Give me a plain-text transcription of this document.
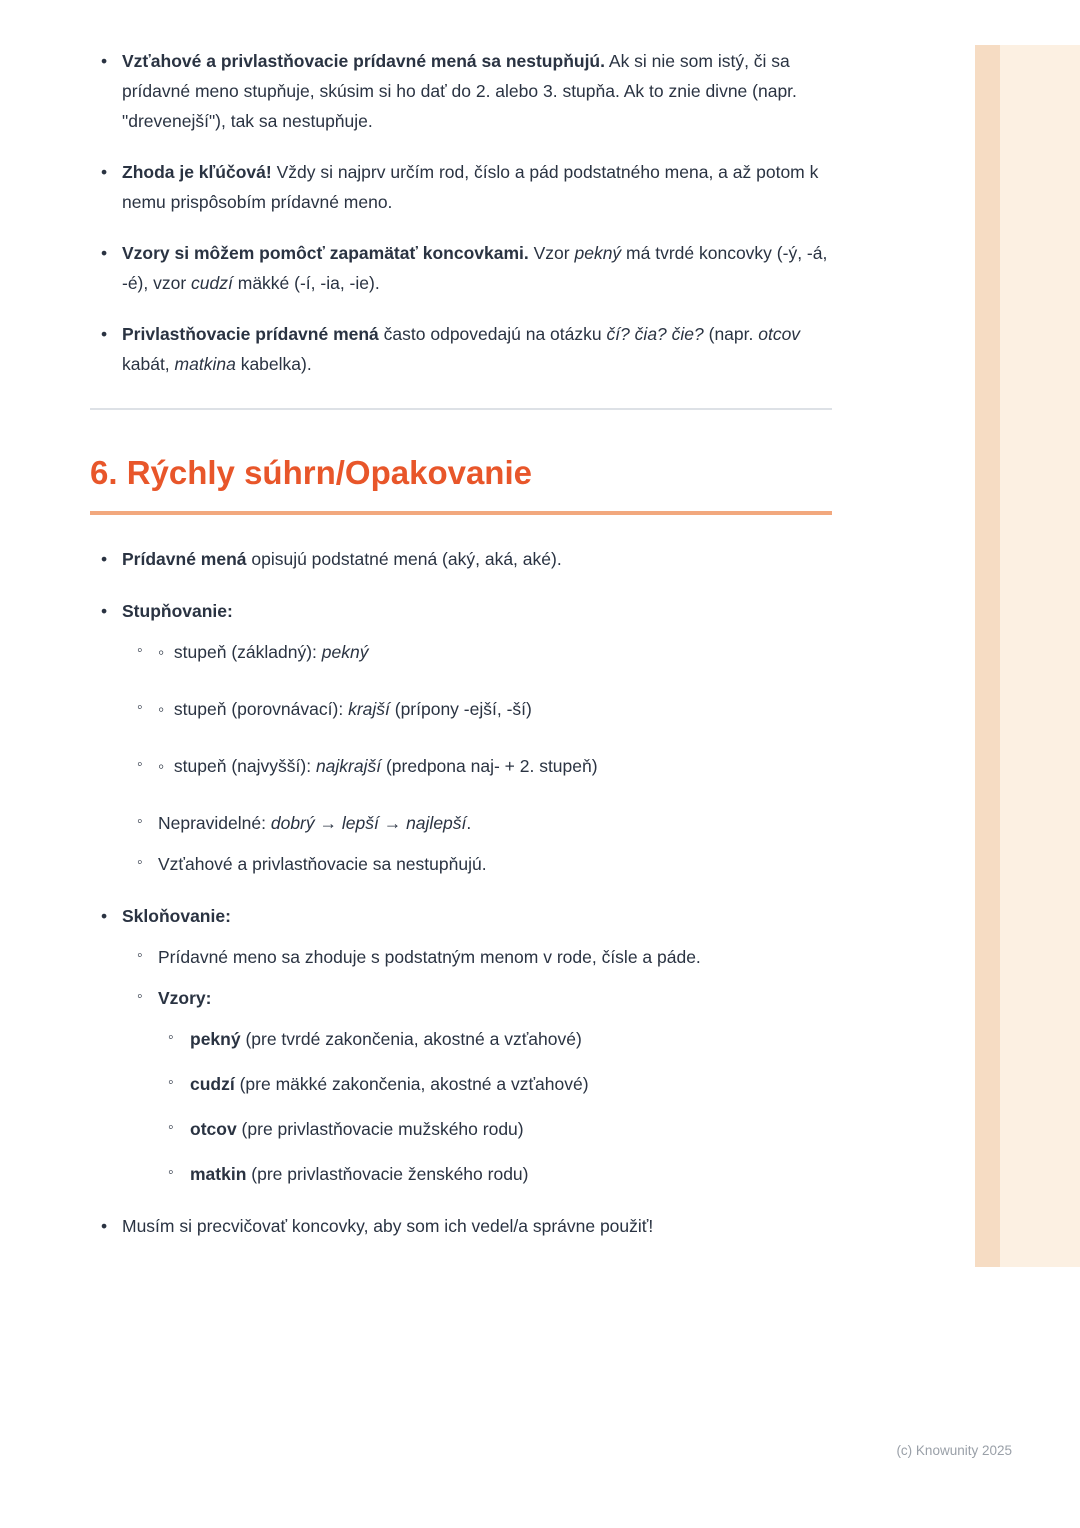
• Vzťahové a privlastňovacie prídavné mená sa nestupňujú. Ak si nie som istý, či sa prídavné meno stupňuje, skúsim si ho dať do 2. alebo 3. stupňa. Ak to znie divne (napr. "drevenejší"), tak sa nestupňuje.
• Zhoda je kľúčová! Vždy si najprv určím rod, číslo a pád podstatného mena, a až potom k nemu prispôsobím prídavné meno.
• Vzory si môžem pomôcť zapamätať koncovkami. Vzor pekný má tvrdé koncovky (-ý, -á, -é), vzor cudzí mäkké (-í, -ia, -ie).
• Privlastňovacie prídavné mená často odpovedajú na otázku čí? čia? čie? (napr. otcov kabát, matkina kabelka).
6. Rýchly súhrn/Opakovanie
• Prídavné mená opisujú podstatné mená (aký, aká, aké).
• Stupňovanie:
◦ ◦  stupeň (základný): pekný
◦ ◦  stupeň (porovnávací): krajší (prípony -ejší, -ší)
◦ ◦  stupeň (najvyšší): najkrajší (predpona naj- + 2. stupeň)
◦ Nepravidelné: dobrý → lepší → najlepší.
◦ Vzťahové a privlastňovacie sa nestupňujú.
• Skloňovanie:
◦ Prídavné meno sa zhoduje s podstatným menom v rode, čísle a páde.
◦ Vzory:
◦ pekný (pre tvrdé zakončenia, akostné a vzťahové)
◦ cudzí (pre mäkké zakončenia, akostné a vzťahové)
◦ otcov (pre privlastňovacie mužského rodu)
◦ matkin (pre privlastňovacie ženského rodu)
• Musím si precvičovať koncovky, aby som ich vedel/a správne použiť!
(c) Knowunity 2025
